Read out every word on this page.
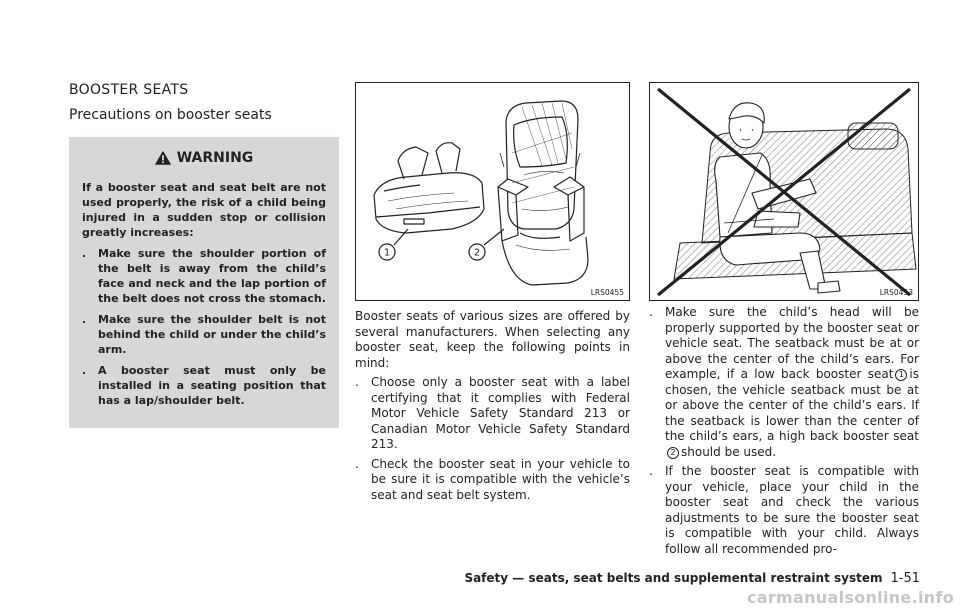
BOOSTER SEATS
Precautions on booster seats
WARNING
If a booster seat and seat belt are not used properly, the risk of a child being injured in a sudden stop or collision greatly increases:
.	Make sure the shoulder portion of the belt is away from the child’s face and neck and the lap portion of the belt does not cross the stomach.
.	Make sure the shoulder belt is not behind the child or under the child’s arm.
.	A booster seat must only be installed in a seating position that has a lap/shoulder belt.
1	2
LRS0455

Booster seats of various sizes are offered by several manufacturers. When selecting any booster seat, keep the following points in mind:

.	Choose only a booster seat with a label certifying that it complies with Federal Motor Vehicle Safety Standard 213 or Canadian Motor Vehicle Safety Standard 213.
.	Check the booster seat in your vehicle to be sure it is compatible with the vehicle’s seat and seat belt system.
LRS0453
.	Make sure the child’s head will be properly supported by the booster seat or vehicle seat. The seatback must be at or above the center of the child’s ears. For example, if a low back booster seat 1 is chosen, the vehicle seatback must be at or above the center of the child’s ears. If the seatback is lower than the center of the child’s ears, a high back booster seat2 should be used.
.	If the booster seat is compatible with your vehicle, place your child in the booster seat and check the various adjustments to be sure the booster seat is compatible with your child. Always follow all recommended pro-
Safety — seats, seat belts and supplemental restraint system 1-51
carmanualsonline.info
